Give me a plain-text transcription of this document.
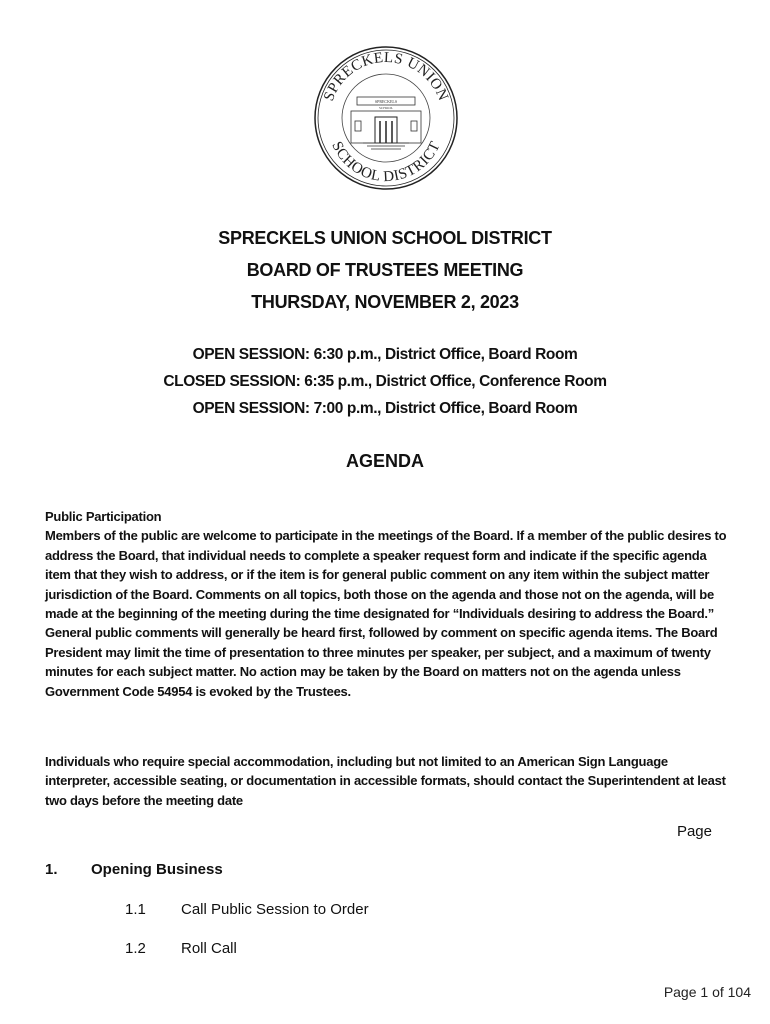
SPRECKELS UNION
SCHOOL DISTRICT
SPRECKELS
SCHOOL
SPRECKELS UNION SCHOOL DISTRICT
BOARD OF TRUSTEES MEETING
THURSDAY, NOVEMBER 2, 2023
OPEN SESSION: 6:30 p.m., District Office, Board Room
CLOSED SESSION: 6:35 p.m., District Office, Conference Room
OPEN SESSION: 7:00 p.m., District Office, Board Room
AGENDA

Public Participation

Members of the public are welcome to participate in the meetings of the Board. If a member of the public desires to address the Board, that individual needs to complete a speaker request form and indicate if the specific agenda item that they wish to address, or if the item is for general public comment on any item within the subject matter jurisdiction of the Board. Comments on all topics, both those on the agenda and those not on the agenda, will be made at the beginning of the meeting during the time designated for “Individuals desiring to address the Board.” General public comments will generally be heard first, followed by comment on specific agenda items. The Board President may limit the time of presentation to three minutes per speaker, per subject, and a maximum of twenty minutes for each subject matter. No action may be taken by the Board on matters not on the agenda unless Government Code 54954 is evoked by the Trustees.

Individuals who require special accommodation, including but not limited to an American Sign Language interpreter, accessible seating, or documentation in accessible formats, should contact the Superintendent at least two days before the meeting date

Page
1. Opening Business
1.1 Call Public Session to Order
1.2 Roll Call
Page 1 of 104
